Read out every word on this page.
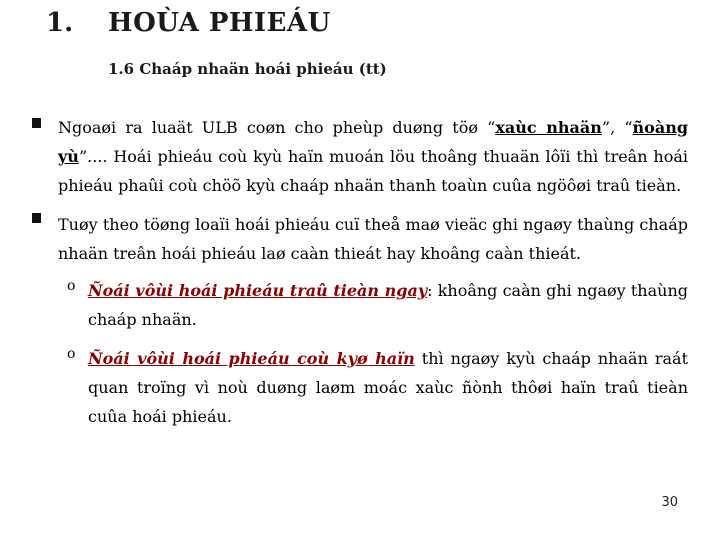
1. HOÙA PHIEÁU
1.6 Chaáp nhaän hoái phieáu (tt)
Ngoaøi ra luaät ULB coøn cho pheùp duøng töø “xaùc nhaän”, “ñoàng yù”.... Hoái phieáu coù kyù haïn muoán löu thoâng thuaän lôïi thì treân hoái phieáu phaûi coù chöõ kyù chaáp nhaän thanh toaùn cuûa ngöôøi traû tieàn.
Tuøy theo töøng loaïi hoái phieáu cuï theå maø vieäc ghi ngaøy thaùng chaáp nhaän treân hoái phieáu laø caàn thieát hay khoâng caàn thieát.
o Ñoái vôùi hoái phieáu traû tieàn ngay: khoâng caàn ghi ngaøy thaùng chaáp nhaän.
o Ñoái vôùi hoái phieáu coù kyø haïn thì ngaøy kyù chaáp nhaän raát quan troïng vì noù duøng laøm moác xaùc ñònh thôøi haïn traû tieàn cuûa hoái phieáu.
30
